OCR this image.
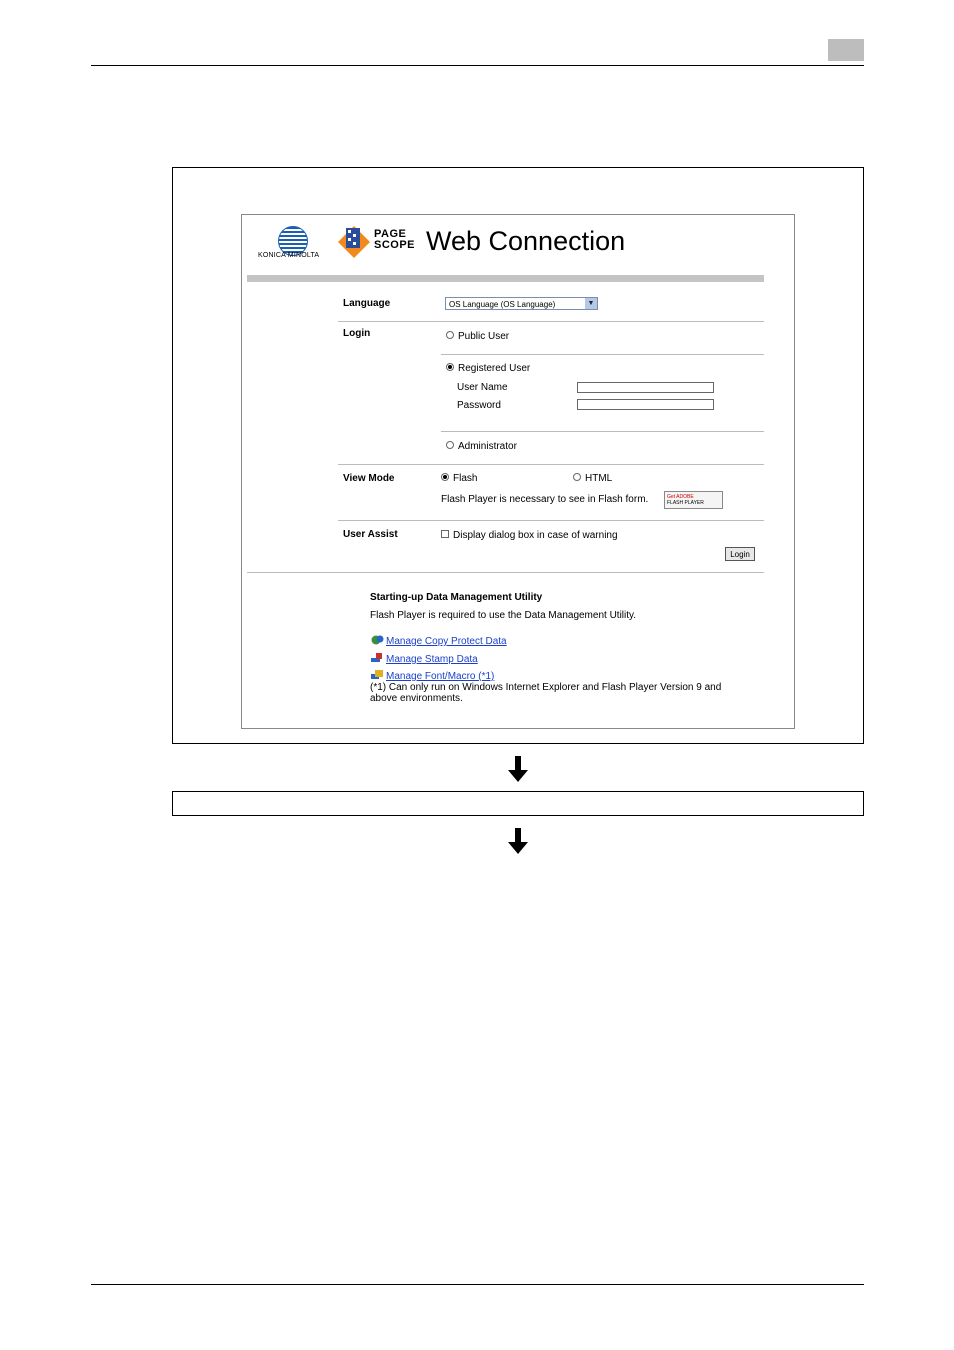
KONICA MINOLTA
PAGE
SCOPE Web Connection
Language	OS Language (OS Language)	▼
Login	Public User
Registered User
User Name
Password
Administrator
View Mode	Flash	HTML
Flash Player is necessary to see in Flash form.	Get ADOBE
FLASH PLAYER
User Assist	Display dialog box in case of warning
Login
Starting-up Data Management Utility
Flash Player is required to use the Data Management Utility.
Manage Copy Protect Data
Manage Stamp Data
Manage Font/Macro (*1)
(*1) Can only run on Windows Internet Explorer and Flash Player Version 9 and
above environments.
